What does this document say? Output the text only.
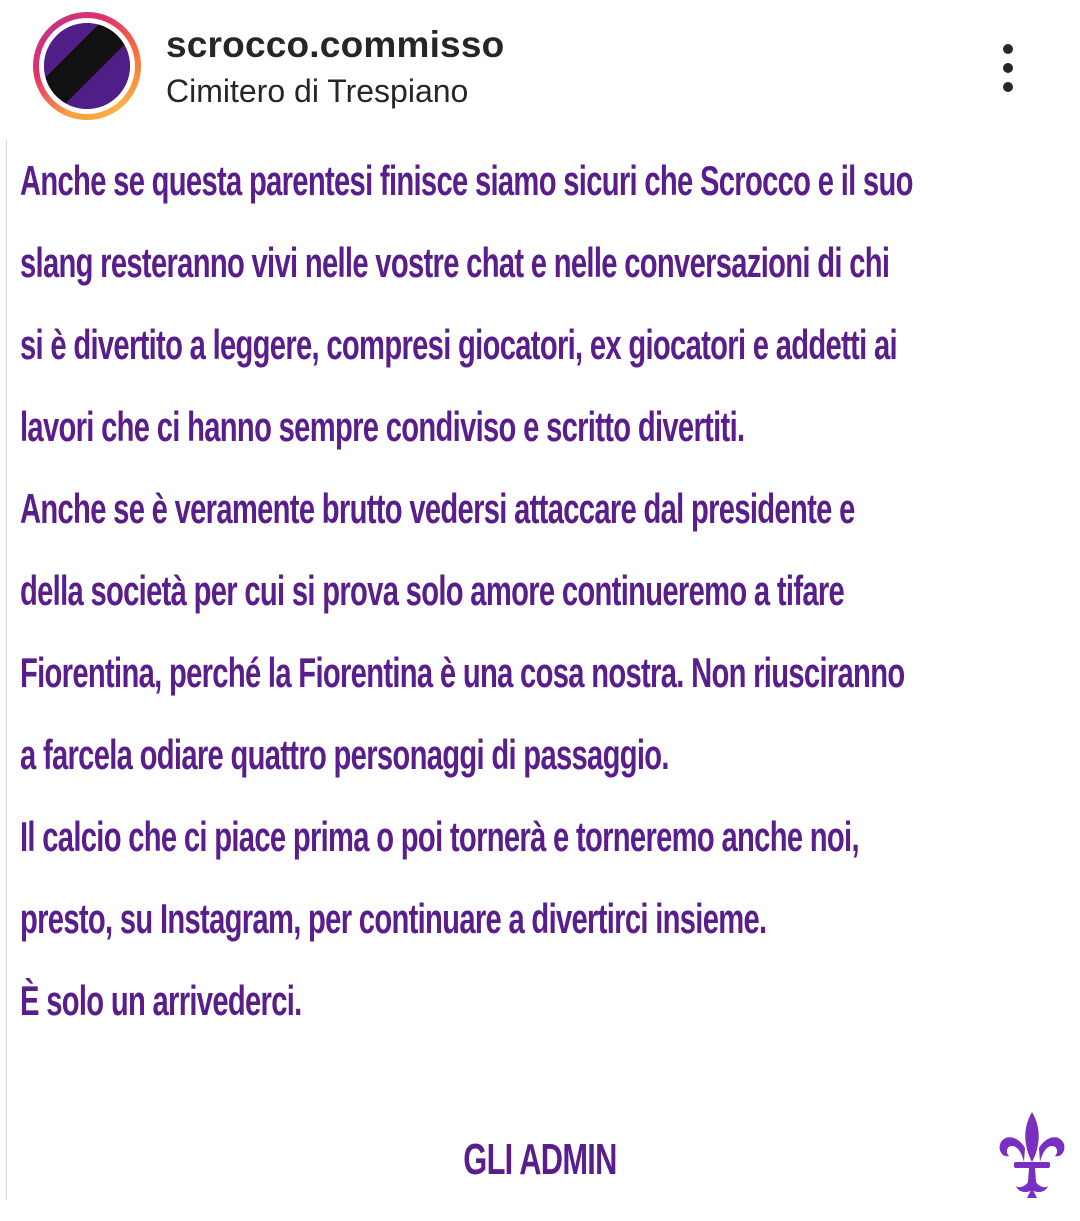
scrocco.commisso
Cimitero di Trespiano
Anche se questa parentesi finisce siamo sicuri che Scrocco e il suo
slang resteranno vivi nelle vostre chat e nelle conversazioni di chi
si è divertito a leggere, compresi giocatori, ex giocatori e addetti ai
lavori che ci hanno sempre condiviso e scritto divertiti.
Anche se è veramente brutto vedersi attaccare dal presidente e
della società per cui si prova solo amore continueremo a tifare
Fiorentina, perché la Fiorentina è una cosa nostra. Non riusciranno
a farcela odiare quattro personaggi di passaggio.
Il calcio che ci piace prima o poi tornerà e torneremo anche noi,
presto, su Instagram, per continuare a divertirci insieme.
È solo un arrivederci.
GLI ADMIN
